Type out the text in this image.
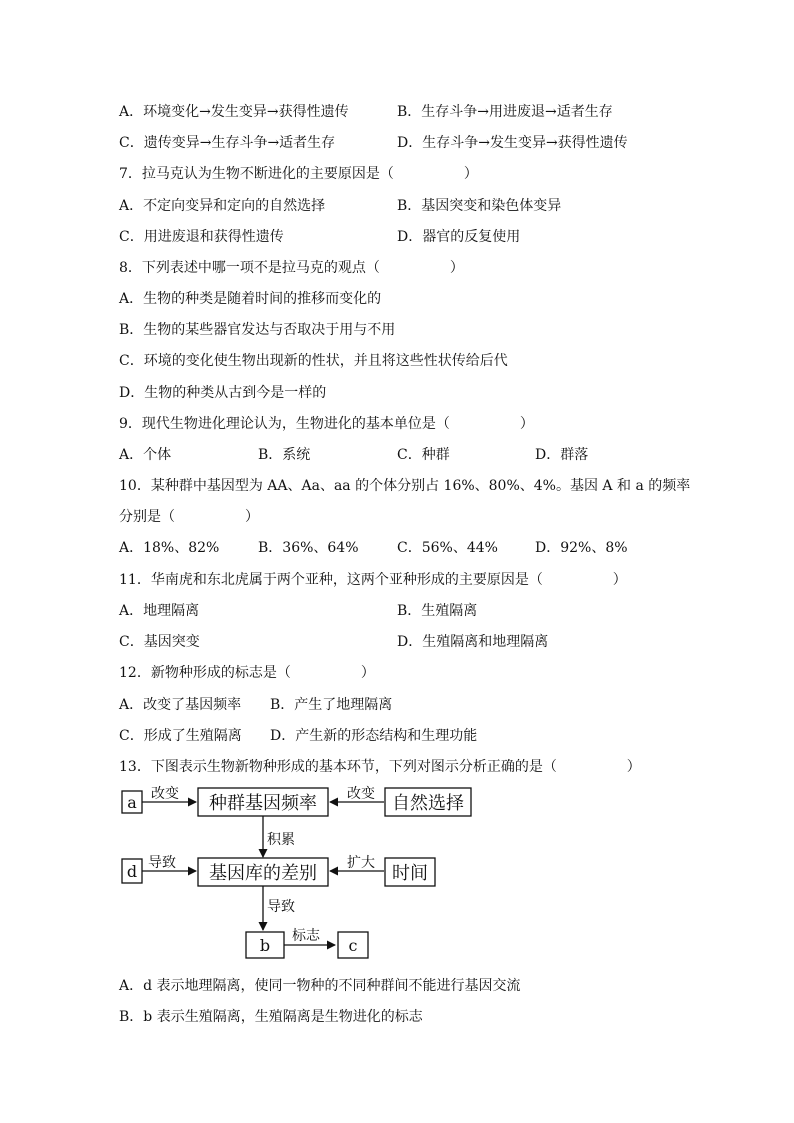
A．环境变化→发生变异→获得性遗传	B．生存斗争→用进废退→适者生存
C．遗传变异→生存斗争→适者生存	D．生存斗争→发生变异→获得性遗传
7．拉马克认为生物不断进化的主要原因是（　　　　　）
A．不定向变异和定向的自然选择	B．基因突变和染色体变异
C．用进废退和获得性遗传	D．器官的反复使用
8．下列表述中哪一项不是拉马克的观点（　　　　　）
A．生物的种类是随着时间的推移而变化的
B．生物的某些器官发达与否取决于用与不用
C．环境的变化使生物出现新的性状，并且将这些性状传给后代
D．生物的种类从古到今是一样的
9．现代生物进化理论认为，生物进化的基本单位是（　　　　　）
A．个体	B．系统	C．种群	D．群落
10．某种群中基因型为 AA、Aa、aa 的个体分别占 16%、80%、4%。基因 A 和 a 的频率
分别是（　　　　　）
A．18%、82%	B．36%、64%	C．56%、44%	D．92%、8%
11．华南虎和东北虎属于两个亚种，这两个亚种形成的主要原因是（　　　　　）
A．地理隔离	B．生殖隔离
C．基因突变	D．生殖隔离和地理隔离
12．新物种形成的标志是（　　　　　）
A．改变了基因频率 B．产生了地理隔离
C．形成了生殖隔离 D．产生新的形态结构和生理功能
13．下图表示生物新物种形成的基本环节，下列对图示分析正确的是（　　　　　）
a 改变 种群基因频率 改变 自然选择
积累
d 导致 基因库的差别 扩大 时间
导致
b 标志 c
A．d 表示地理隔离，使同一物种的不同种群间不能进行基因交流
B．b 表示生殖隔离，生殖隔离是生物进化的标志
